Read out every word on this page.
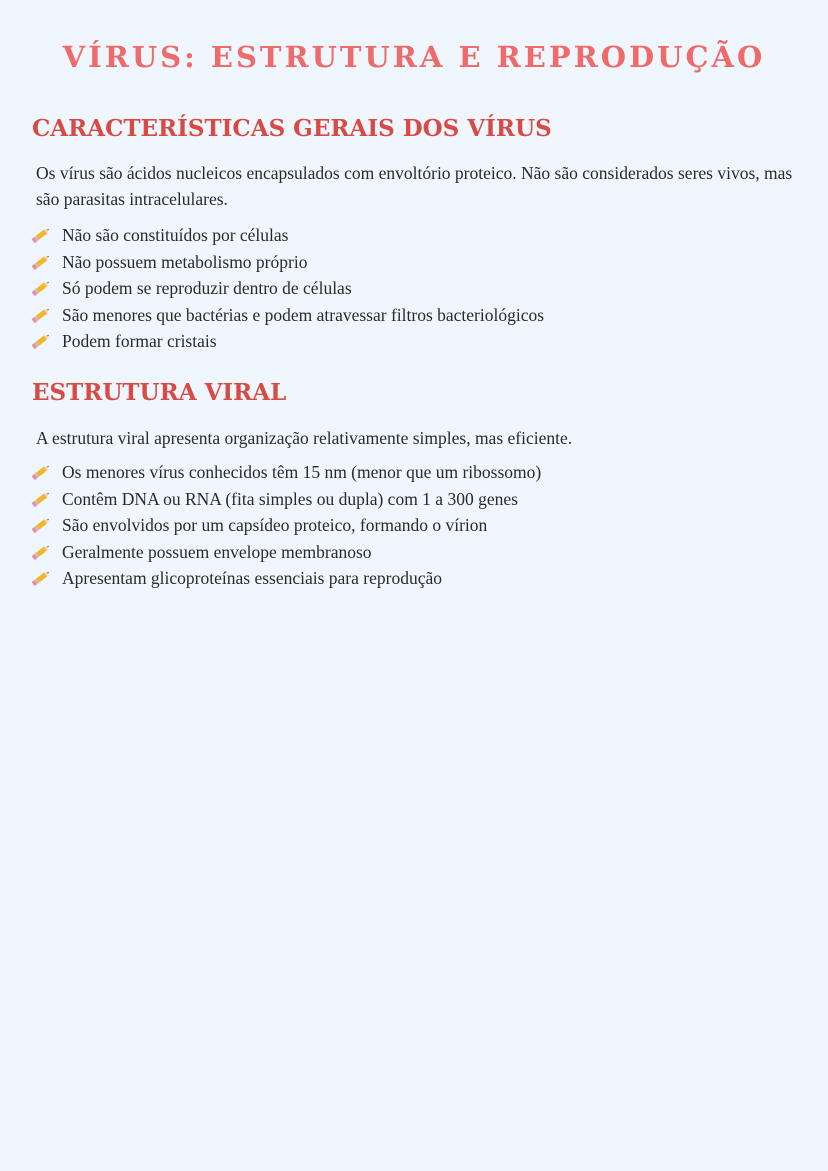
VÍRUS: ESTRUTURA E REPRODUÇÃO
CARACTERÍSTICAS GERAIS DOS VÍRUS
Os vírus são ácidos nucleicos encapsulados com envoltório proteico. Não são considerados seres vivos, mas são parasitas intracelulares.
Não são constituídos por células
Não possuem metabolismo próprio
Só podem se reproduzir dentro de células
São menores que bactérias e podem atravessar filtros bacteriológicos
Podem formar cristais
ESTRUTURA VIRAL
A estrutura viral apresenta organização relativamente simples, mas eficiente.
Os menores vírus conhecidos têm 15 nm (menor que um ribossomo)
Contêm DNA ou RNA (fita simples ou dupla) com 1 a 300 genes
São envolvidos por um capsídeo proteico, formando o vírion
Geralmente possuem envelope membranoso
Apresentam glicoproteínas essenciais para reprodução
